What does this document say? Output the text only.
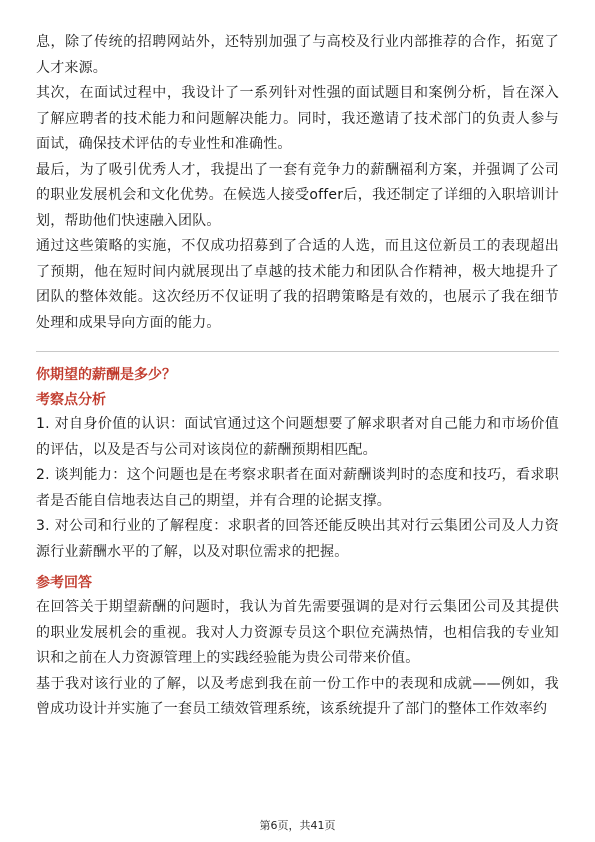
息，除了传统的招聘网站外，还特别加强了与高校及行业内部推荐的合作，拓宽了人才来源。

其次，在面试过程中，我设计了一系列针对性强的面试题目和案例分析，旨在深入了解应聘者的技术能力和问题解决能力。同时，我还邀请了技术部门的负责人参与面试，确保技术评估的专业性和准确性。

最后，为了吸引优秀人才，我提出了一套有竞争力的薪酬福利方案，并强调了公司的职业发展机会和文化优势。在候选人接受offer后，我还制定了详细的入职培训计划，帮助他们快速融入团队。

通过这些策略的实施，不仅成功招募到了合适的人选，而且这位新员工的表现超出了预期，他在短时间内就展现出了卓越的技术能力和团队合作精神，极大地提升了团队的整体效能。这次经历不仅证明了我的招聘策略是有效的，也展示了我在细节处理和成果导向方面的能力。

你期望的薪酬是多少？
考察点分析

1. 对自身价值的认识：面试官通过这个问题想要了解求职者对自己能力和市场价值的评估，以及是否与公司对该岗位的薪酬预期相匹配。

2. 谈判能力：这个问题也是在考察求职者在面对薪酬谈判时的态度和技巧，看求职者是否能自信地表达自己的期望，并有合理的论据支撑。

3. 对公司和行业的了解程度：求职者的回答还能反映出其对行云集团公司及人力资源行业薪酬水平的了解，以及对职位需求的把握。

参考回答

在回答关于期望薪酬的问题时，我认为首先需要强调的是对行云集团公司及其提供的职业发展机会的重视。我对人力资源专员这个职位充满热情，也相信我的专业知识和之前在人力资源管理上的实践经验能为贵公司带来价值。

基于我对该行业的了解，以及考虑到我在前一份工作中的表现和成就——例如，我曾成功设计并实施了一套员工绩效管理系统，该系统提升了部门的整体工作效率约

第6页，共41页
